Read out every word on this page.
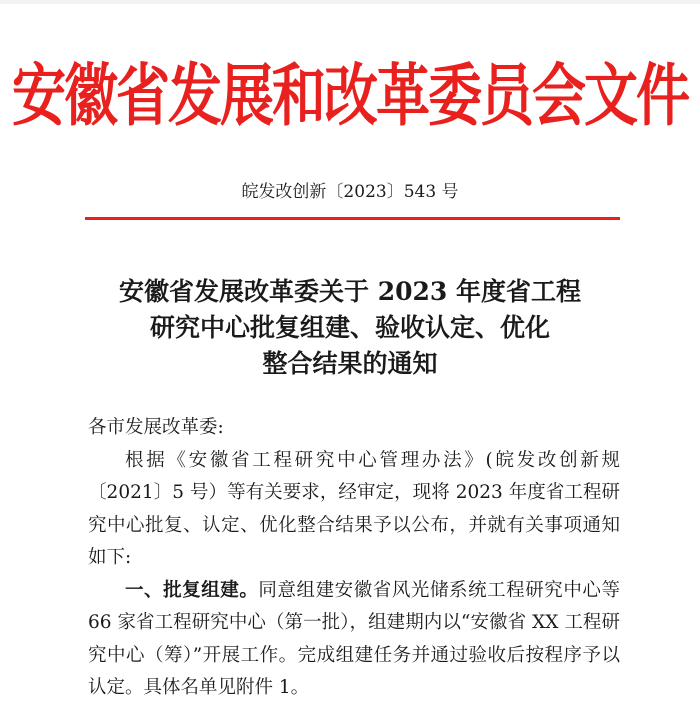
安徽省发展和改革委员会文件
皖发改创新〔2023〕543 号
安徽省发展改革委关于 2023 年度省工程
研究中心批复组建、验收认定、优化
整合结果的通知
各市发展改革委:

根据《安徽省工程研究中心管理办法》(皖发改创新规〔2021〕5 号）等有关要求，经审定，现将 2023 年度省工程研究中心批复、认定、优化整合结果予以公布，并就有关事项通知如下:

一、批复组建。同意组建安徽省风光储系统工程研究中心等 66 家省工程研究中心（第一批），组建期内以“安徽省 XX 工程研究中心（筹）”开展工作。完成组建任务并通过验收后按程序予以认定。具体名单见附件 1。
